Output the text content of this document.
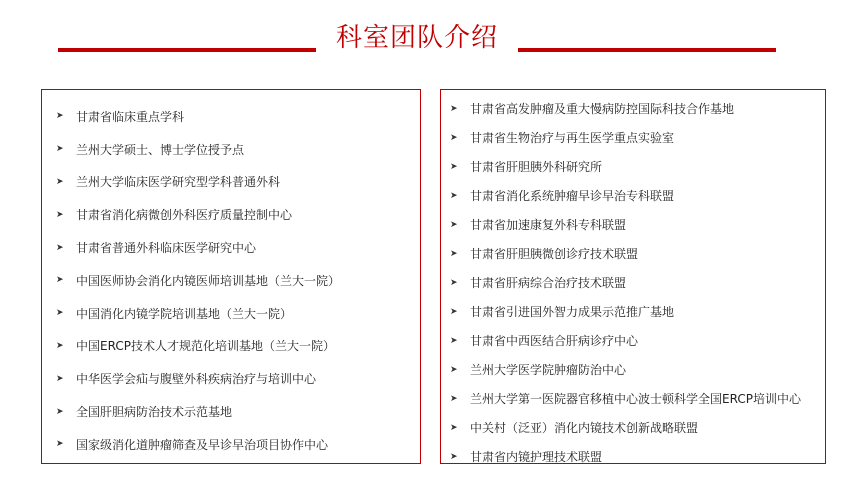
科室团队介绍
➤	甘肃省临床重点学科
➤	兰州大学硕士、博士学位授予点
➤	兰州大学临床医学研究型学科普通外科
➤	甘肃省消化病微创外科医疗质量控制中心
➤	甘肃省普通外科临床医学研究中心
➤	中国医师协会消化内镜医师培训基地（兰大一院）
➤	中国消化内镜学院培训基地（兰大一院）
➤	中国ERCP技术人才规范化培训基地（兰大一院）
➤	中华医学会疝与腹壁外科疾病治疗与培训中心
➤	全国肝胆病防治技术示范基地
➤	国家级消化道肿瘤筛查及早诊早治项目协作中心
➤	甘肃省高发肿瘤及重大慢病防控国际科技合作基地
➤	甘肃省生物治疗与再生医学重点实验室
➤	甘肃省肝胆胰外科研究所
➤	甘肃省消化系统肿瘤早诊早治专科联盟
➤	甘肃省加速康复外科专科联盟
➤	甘肃省肝胆胰微创诊疗技术联盟
➤	甘肃省肝病综合治疗技术联盟
➤	甘肃省引进国外智力成果示范推广基地
➤	甘肃省中西医结合肝病诊疗中心
➤	兰州大学医学院肿瘤防治中心
➤	兰州大学第一医院器官移植中心波士顿科学全国ERCP培训中心
➤	中关村（泛亚）消化内镜技术创新战略联盟
➤	甘肃省内镜护理技术联盟
